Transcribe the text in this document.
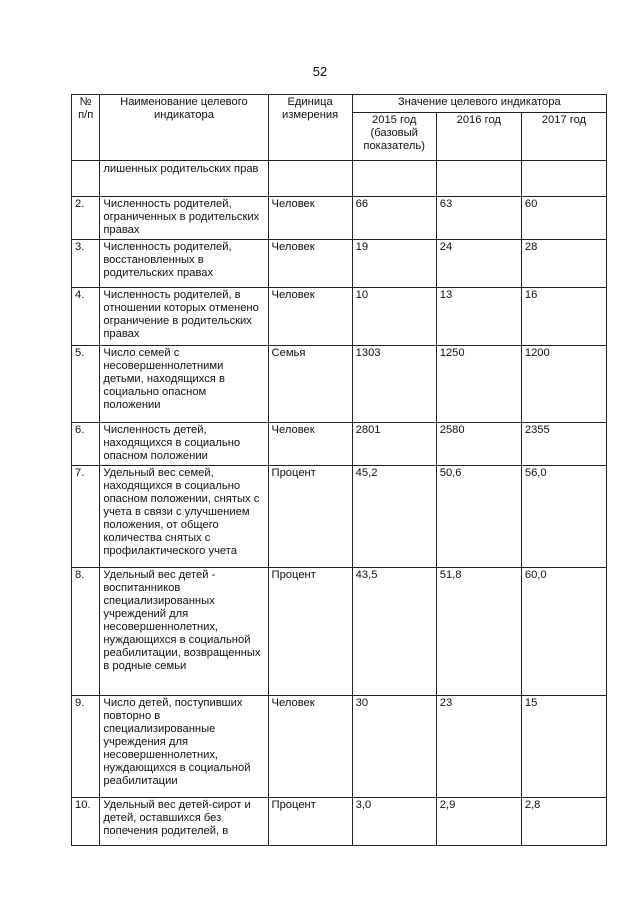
52
№ п/п	Наименование целевого индикатора	Единица измерения	Значение целевого индикатора		
			2015 год (базовый показатель)	2016 год	2017 год
	лишенных родительских прав				
2.	Численность родителей, ограниченных в родительских правах	Человек	66	63	60
3.	Численность родителей, восстановленных в родительских правах	Человек	19	24	28
4.	Численность родителей, в отношении которых отменено ограничение в родительских правах	Человек	10	13	16
5.	Число семей с несовершеннолетними детьми, находящихся в социально опасном положении	Семья	1303	1250	1200
6.	Численность детей, находящихся в социально опасном положении	Человек	2801	2580	2355
7.	Удельный вес семей, находящихся в социально опасном положении, снятых с учета в связи с улучшением положения, от общего количества снятых с профилактического учета	Процент	45,2	50,6	56,0
8.	Удельный вес детей - воспитанников специализированных учреждений для несовершеннолетних, нуждающихся в социальной реабилитации, возвращенных в родные семьи	Процент	43,5	51,8	60,0
9.	Число детей, поступивших повторно в специализированные учреждения для несовершеннолетних, нуждающихся в социальной реабилитации	Человек	30	23	15
10.	Удельный вес детей-сирот и детей, оставшихся без попечения родителей, в	Процент	3,0	2,9	2,8
